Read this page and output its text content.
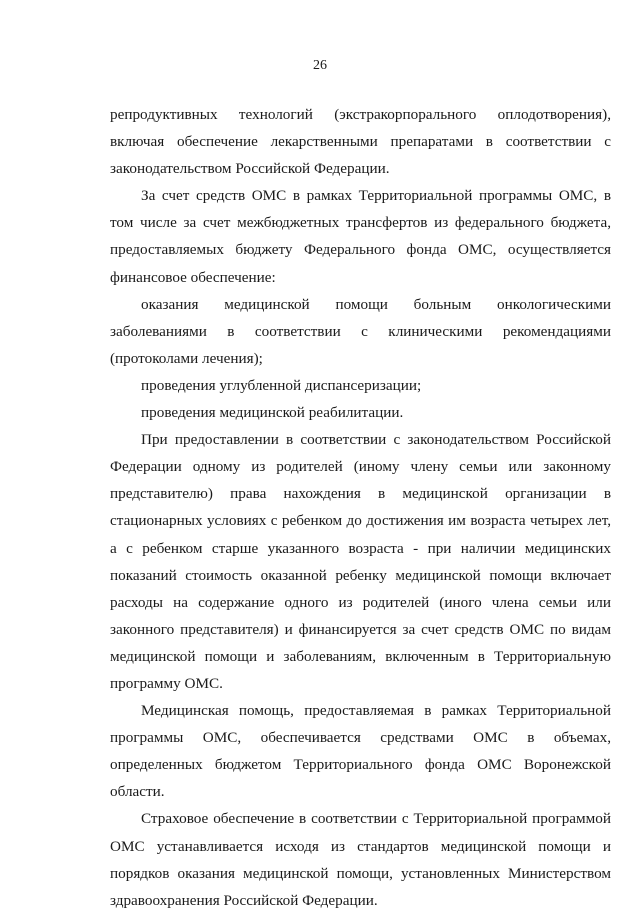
26

репродуктивных технологий (экстракорпорального оплодотворения), включая обеспечение лекарственными препаратами в соответствии с законодательством Российской Федерации.

За счет средств ОМС в рамках Территориальной программы ОМС, в том числе за счет межбюджетных трансфертов из федерального бюджета, предоставляемых бюджету Федерального фонда ОМС, осуществляется финансовое обеспечение:

оказания медицинской помощи больным онкологическими заболеваниями в соответствии с клиническими рекомендациями (протоколами лечения);

проведения углубленной диспансеризации;

проведения медицинской реабилитации.

При предоставлении в соответствии с законодательством Российской Федерации одному из родителей (иному члену семьи или законному представителю) права нахождения в медицинской организации в стационарных условиях с ребенком до достижения им возраста четырех лет, а с ребенком старше указанного возраста - при наличии медицинских показаний стоимость оказанной ребенку медицинской помощи включает расходы на содержание одного из родителей (иного члена семьи или законного представителя) и финансируется за счет средств ОМС по видам медицинской помощи и заболеваниям, включенным в Территориальную программу ОМС.

Медицинская помощь, предоставляемая в рамках Территориальной программы ОМС, обеспечивается средствами ОМС в объемах, определенных бюджетом Территориального фонда ОМС Воронежской области.

Страховое обеспечение в соответствии с Территориальной программой ОМС устанавливается исходя из стандартов медицинской помощи и порядков оказания медицинской помощи, установленных Министерством здравоохранения Российской Федерации.
